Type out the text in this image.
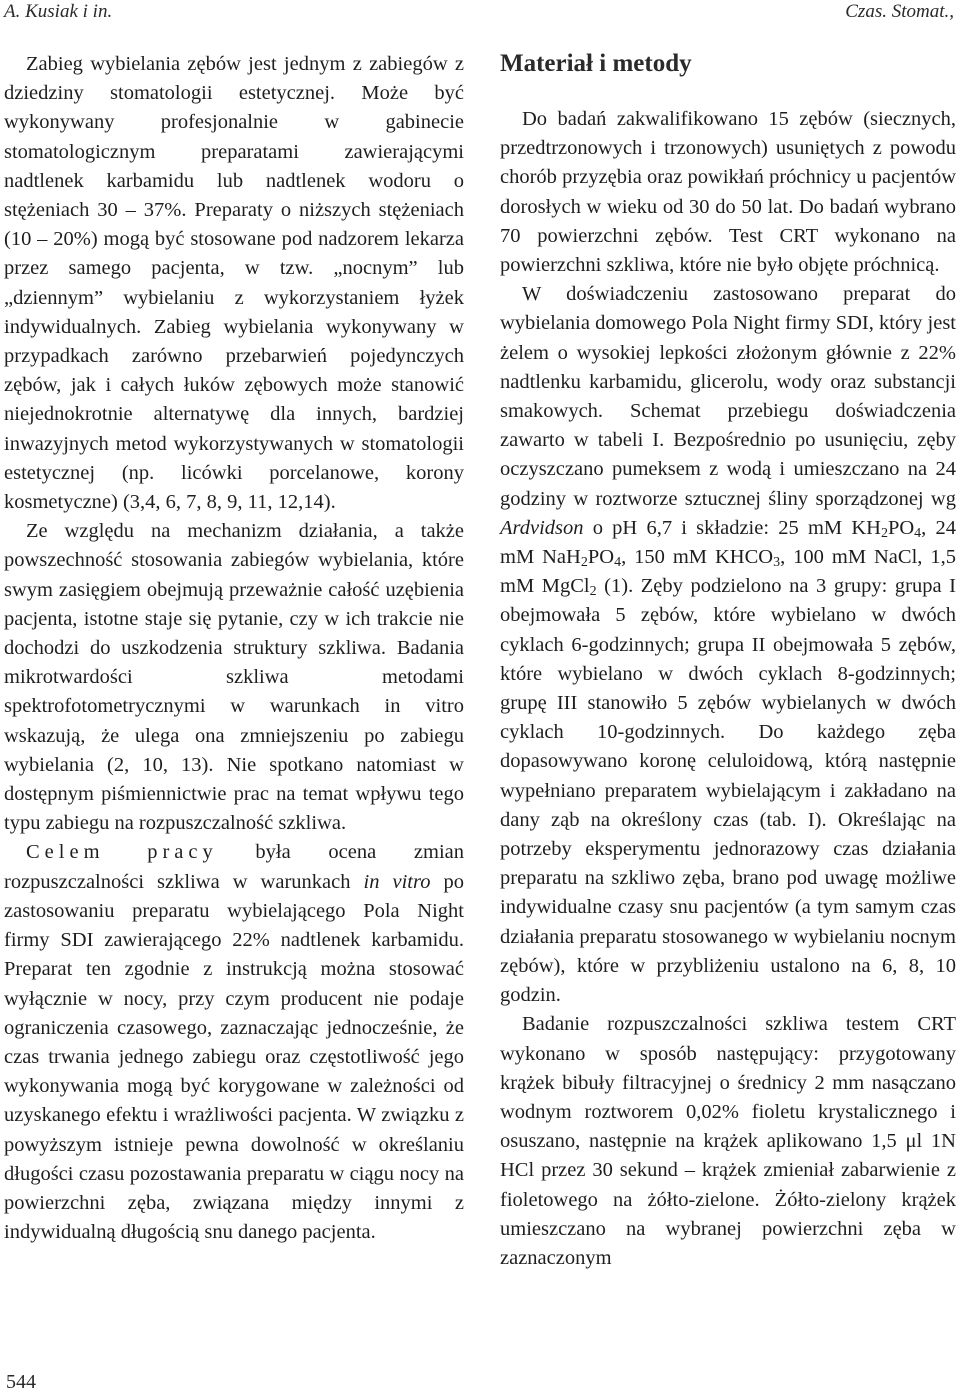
A. Kusiak i in.	Czas. Stomat.,

Zabieg wybielania zębów jest jednym z zabiegów z dziedziny stomatologii estetycznej. Może być wykonywany profesjonalnie w gabinecie stomatologicznym preparatami zawierającymi nadtlenek karbamidu lub nadtlenek wodoru o stężeniach 30 – 37%. Preparaty o niższych stężeniach (10 – 20%) mogą być stosowane pod nadzorem lekarza przez samego pacjenta, w tzw. „nocnym” lub „dziennym” wybielaniu z wykorzystaniem łyżek indywidualnych. Zabieg wybielania wykonywany w przypadkach zarówno przebarwień pojedynczych zębów, jak i całych łuków zębowych może stanowić niejednokrotnie alternatywę dla innych, bardziej inwazyjnych metod wykorzystywanych w stomatologii estetycznej (np. licówki porcelanowe, korony kosmetyczne) (3,4, 6, 7, 8, 9, 11, 12,14).

Ze względu na mechanizm działania, a także powszechność stosowania zabiegów wybielania, które swym zasięgiem obejmują przeważnie całość uzębienia pacjenta, istotne staje się pytanie, czy w ich trakcie nie dochodzi do uszkodzenia struktury szkliwa. Badania mikrotwardości szkliwa metodami spektrofotometrycznymi w warunkach in vitro wskazują, że ulega ona zmniejszeniu po zabiegu wybielania (2, 10, 13). Nie spotkano natomiast w dostępnym piśmiennictwie prac na temat wpływu tego typu zabiegu na rozpuszczalność szkliwa.

Celem pracy była ocena zmian rozpuszczalności szkliwa w warunkach in vitro po zastosowaniu preparatu wybielającego Pola Night firmy SDI zawierającego 22% nadtlenek karbamidu. Preparat ten zgodnie z instrukcją można stosować wyłącznie w nocy, przy czym producent nie podaje ograniczenia czasowego, zaznaczając jednocześnie, że czas trwania jednego zabiegu oraz częstotliwość jego wykonywania mogą być korygowane w zależności od uzyskanego efektu i wrażliwości pacjenta. W związku z powyższym istnieje pewna dowolność w określaniu długości czasu pozostawania preparatu w ciągu nocy na powierzchni zęba, związana między innymi z indywidualną długością snu danego pacjenta.

Materiał i metody

Do badań zakwalifikowano 15 zębów (siecznych, przedtrzonowych i trzonowych) usuniętych z powodu chorób przyzębia oraz powikłań próchnicy u pacjentów dorosłych w wieku od 30 do 50 lat. Do badań wybrano 70 powierzchni zębów. Test CRT wykonano na powierzchni szkliwa, które nie było objęte próchnicą.

W doświadczeniu zastosowano preparat do wybielania domowego Pola Night firmy SDI, który jest żelem o wysokiej lepkości złożonym głównie z 22% nadtlenku karbamidu, glicerolu, wody oraz substancji smakowych. Schemat przebiegu doświadczenia zawarto w tabeli I. Bezpośrednio po usunięciu, zęby oczyszczano pumeksem z wodą i umieszczano na 24 godziny w roztworze sztucznej śliny sporządzonej wg Ardvidson o pH 6,7 i składzie: 25 mM $KH_2PO_4$, 24 mM $NaH_2PO_4$, 150 mM $KHCO_3$, 100 mM NaCl, 1,5 mM MgCl$_2$ (1). Zęby podzielono na 3 grupy: grupa I obejmowała 5 zębów, które wybielano w dwóch cyklach 6-godzinnych; grupa II obejmowała 5 zębów, które wybielano w dwóch cyklach 8-godzinnych; grupę III stanowiło 5 zębów wybielanych w dwóch cyklach 10-godzinnych. Do każdego zęba dopasowywano koronę celuloidową, którą następnie wypełniano preparatem wybielającym i zakładano na dany ząb na określony czas (tab. I). Określając na potrzeby eksperymentu jednorazowy czas działania preparatu na szkliwo zęba, brano pod uwagę możliwe indywidualne czasy snu pacjentów (a tym samym czas działania preparatu stosowanego w wybielaniu nocnym zębów), które w przybliżeniu ustalono na 6, 8, 10 godzin.

Badanie rozpuszczalności szkliwa testem CRT wykonano w sposób następujący: przygotowany krążek bibuły filtracyjnej o średnicy 2 mm nasączano wodnym roztworem 0,02% fioletu krystalicznego i osuszano, następnie na krążek aplikowano 1,5 μl 1N HCl przez 30 sekund – krążek zmieniał zabarwienie z fioletowego na żółto-zielone. Żółto-zielony krążek umieszczano na wybranej powierzchni zęba w zaznaczonym

544
